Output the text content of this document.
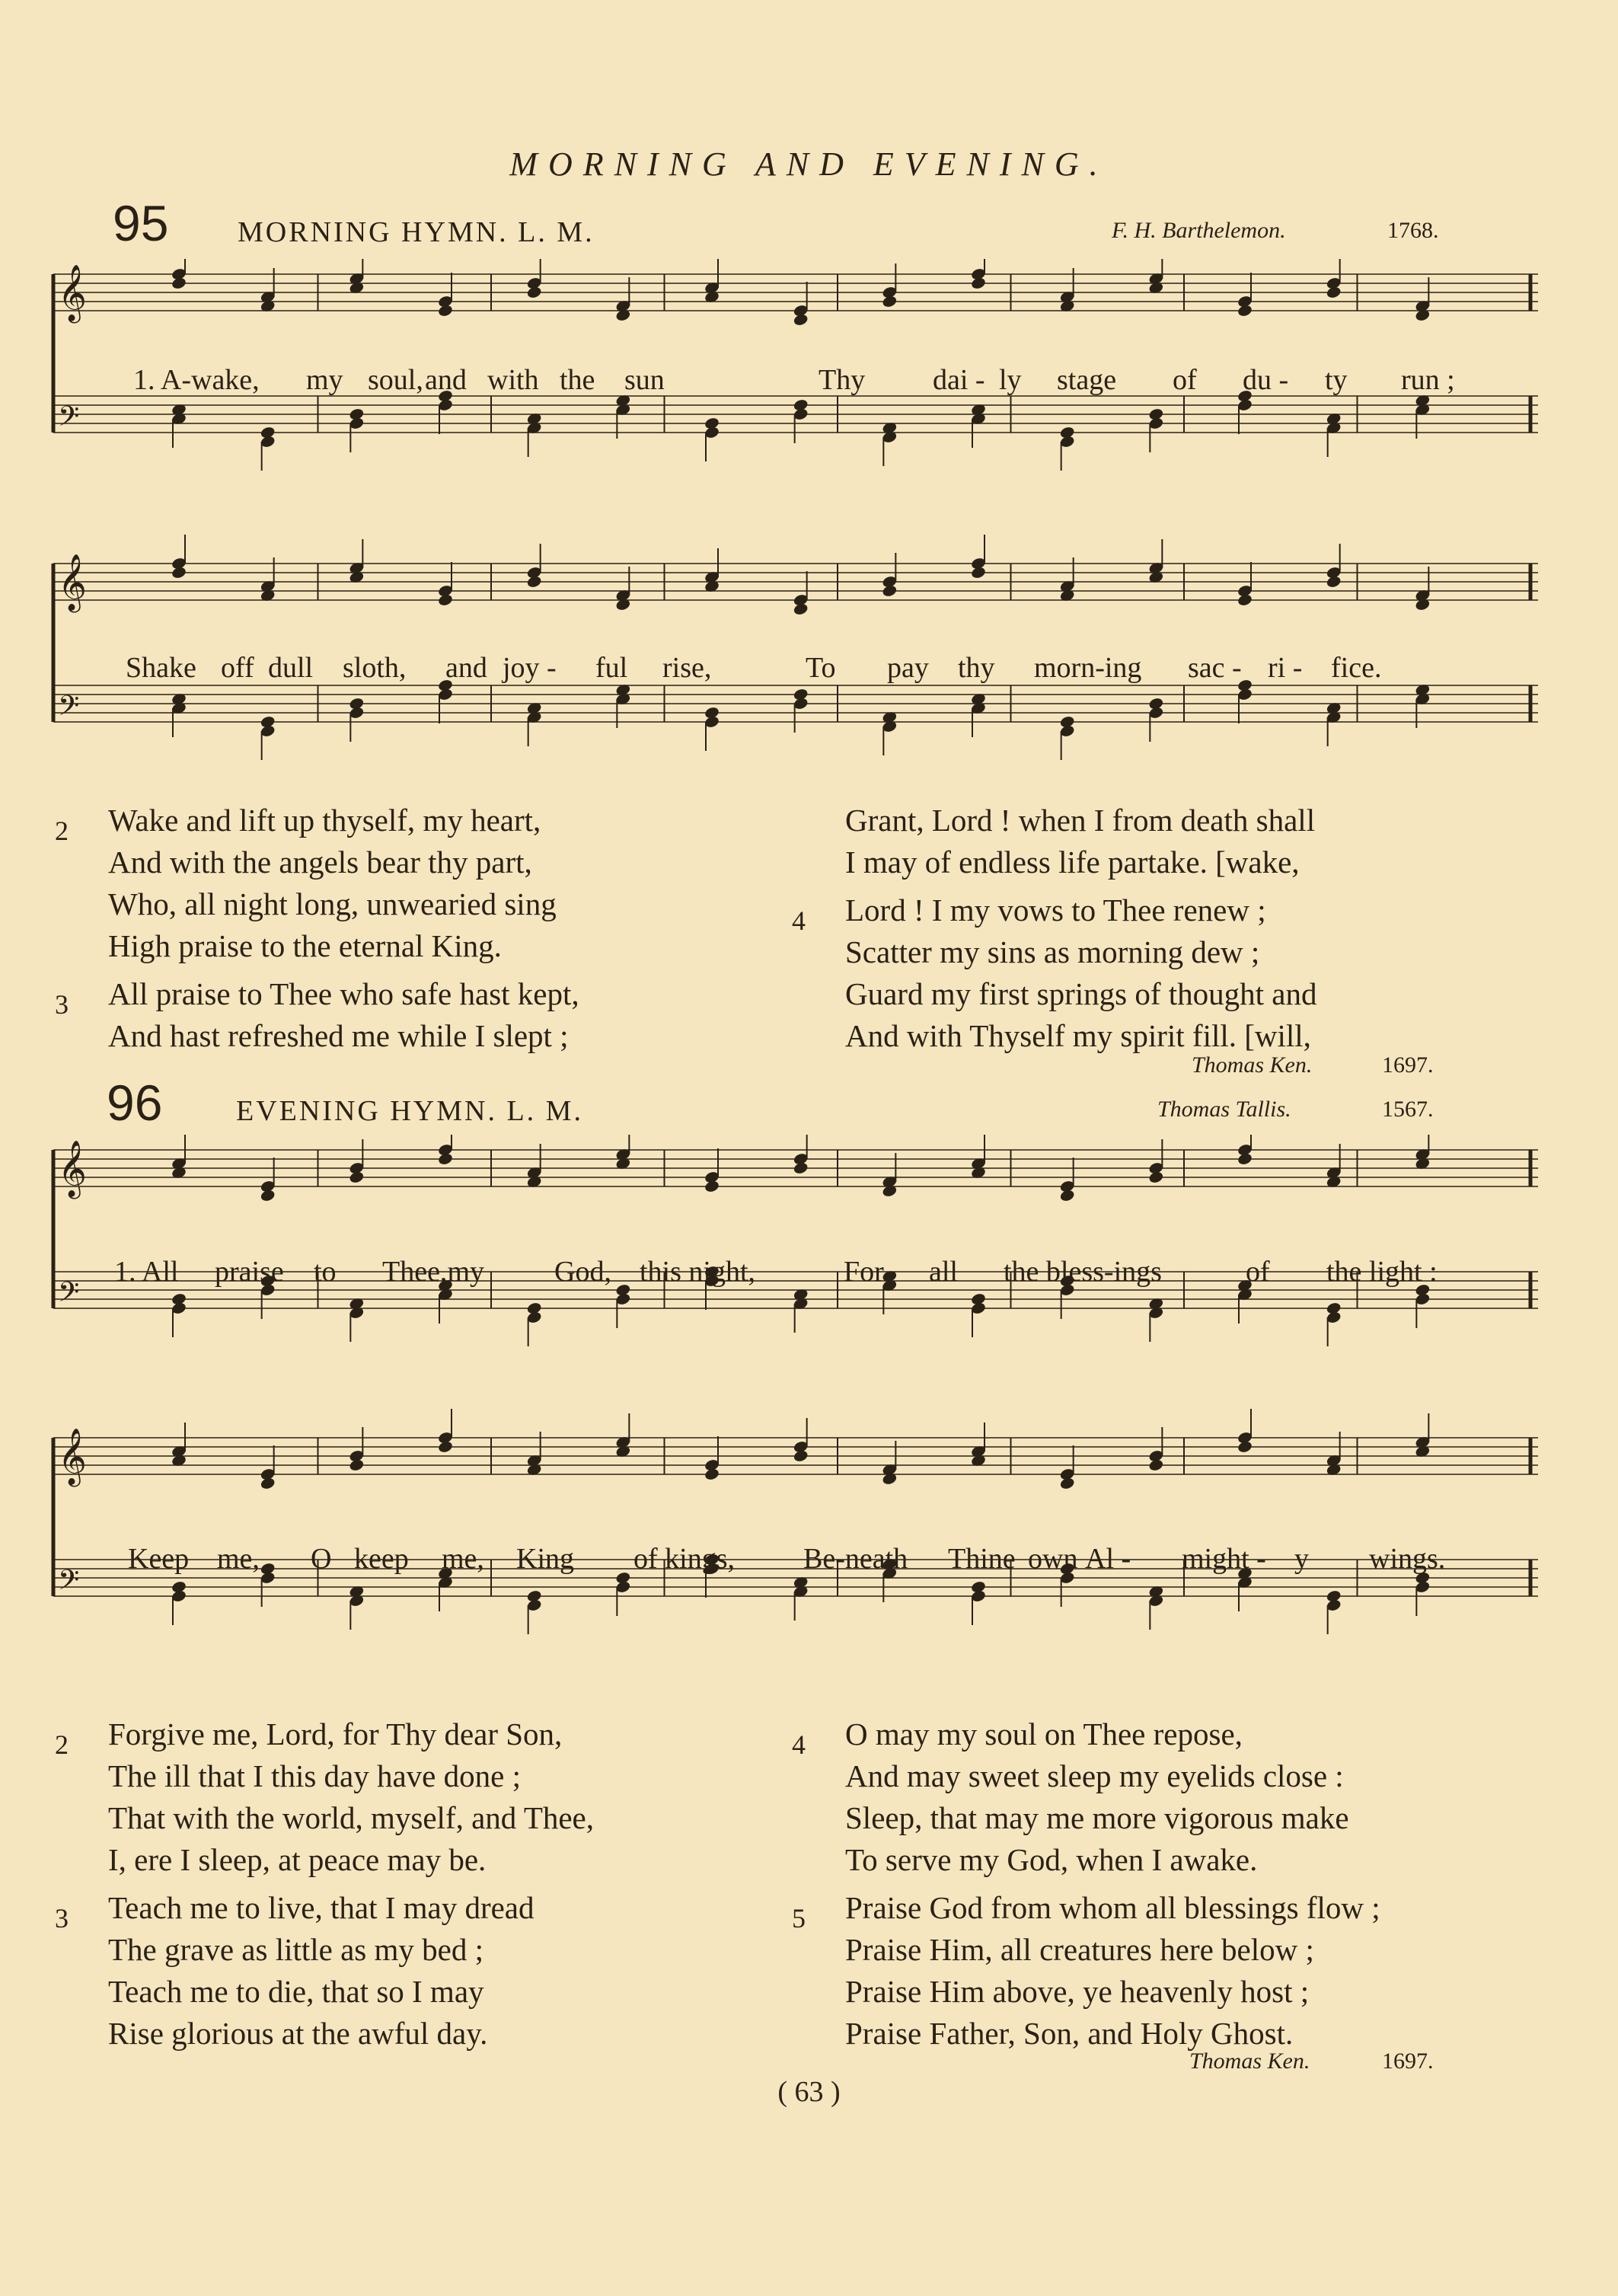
MORNING AND EVENING.
95 MORNING HYMN. L. M.	F. H. Barthelemon.	1768.
𝄞
𝄢
𝄞
𝄢
2 Wake and lift up thyself, my heart,
And with the angels bear thy part,
Who, all night long, unwearied sing
High praise to the eternal King.
3 All praise to Thee who safe hast kept,
And hast refreshed me while I slept ;
Grant, Lord ! when I from death shall
I may of endless life partake. [wake,
4 Lord ! I my vows to Thee renew ;
Scatter my sins as morning dew ;
Guard my first springs of thought and
And with Thyself my spirit fill. [will,
Thomas Ken.	1697.
96	EVENING HYMN. L. M.	Thomas Tallis.	1567.
𝄞
𝄢
𝄞
𝄢
2 Forgive me, Lord, for Thy dear Son,
The ill that I this day have done ;
That with the world, myself, and Thee,
I, ere I sleep, at peace may be.
3 Teach me to live, that I may dread
The grave as little as my bed ;
Teach me to die, that so I may
Rise glorious at the awful day.
4 O may my soul on Thee repose,
And may sweet sleep my eyelids close :
Sleep, that may me more vigorous make
To serve my God, when I awake.
5 Praise God from whom all blessings flow ;
Praise Him, all creatures here below ;
Praise Him above, ye heavenly host ;
Praise Father, Son, and Holy Ghost.
Thomas Ken.	1697.
( 63 )
1. A-wake, my soul, and with the sun	Thy dai - ly stage of du - ty run ;
Shake off dull sloth, and joy - ful rise,	To pay thy morn-ing sac - ri - fice.
1. All praise to Thee,my God, this night,	For all the bless-ings	of the light :
Keep me, O keep me, King of kings, Be-neath Thine own Al - might - y wings.
